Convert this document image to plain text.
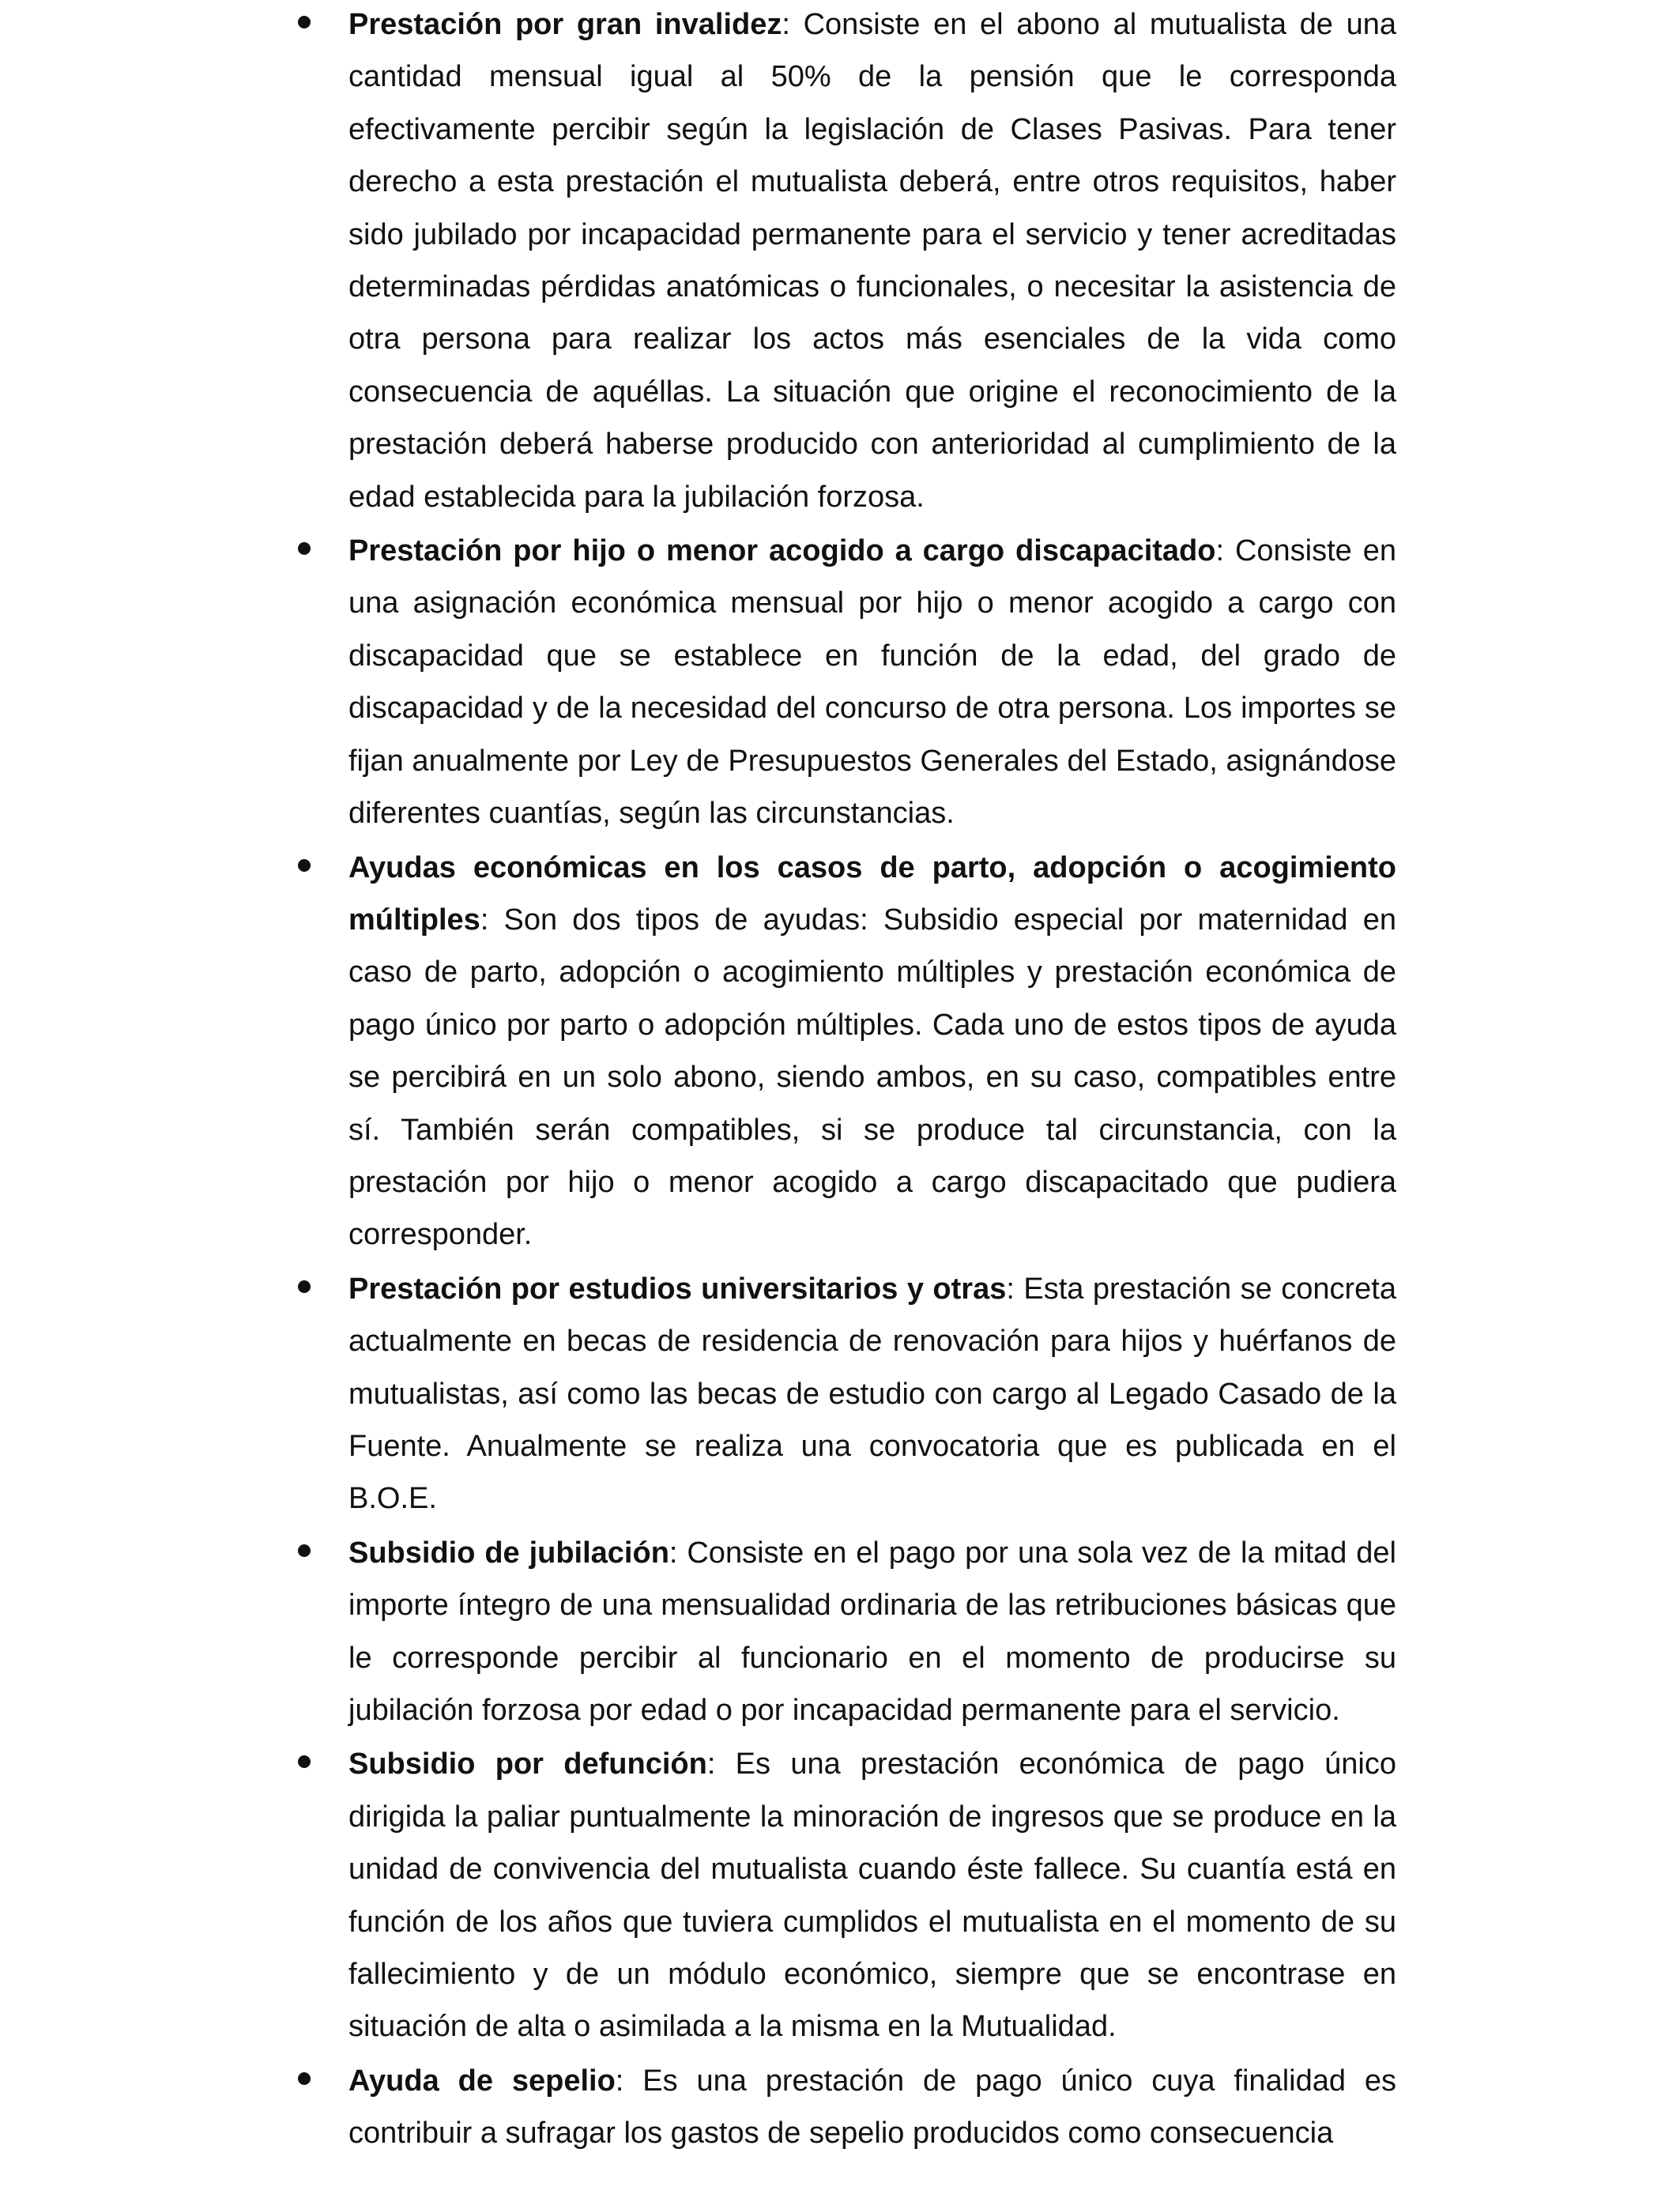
Prestación por gran invalidez: Consiste en el abono al mutualista de una cantidad mensual igual al 50% de la pensión que le corresponda efectivamente percibir según la legislación de Clases Pasivas. Para tener derecho a esta prestación el mutualista deberá, entre otros requisitos, haber sido jubilado por incapacidad permanente para el servicio y tener acreditadas determinadas pérdidas anatómicas o funcionales, o necesitar la asistencia de otra persona para realizar los actos más esenciales de la vida como consecuencia de aquéllas. La situación que origine el reconocimiento de la prestación deberá haberse producido con anterioridad al cumplimiento de la edad establecida para la jubilación forzosa.
Prestación por hijo o menor acogido a cargo discapacitado: Consiste en una asignación económica mensual por hijo o menor acogido a cargo con discapacidad que se establece en función de la edad, del grado de discapacidad y de la necesidad del concurso de otra persona. Los importes se fijan anualmente por Ley de Presupuestos Generales del Estado, asignándose diferentes cuantías, según las circunstancias.
Ayudas económicas en los casos de parto, adopción o acogimiento múltiples: Son dos tipos de ayudas: Subsidio especial por maternidad en caso de parto, adopción o acogimiento múltiples y prestación económica de pago único por parto o adopción múltiples. Cada uno de estos tipos de ayuda se percibirá en un solo abono, siendo ambos, en su caso, compatibles entre sí. También serán compatibles, si se produce tal circunstancia, con la prestación por hijo o menor acogido a cargo discapacitado que pudiera corresponder.
Prestación por estudios universitarios y otras: Esta prestación se concreta actualmente en becas de residencia de renovación para hijos y huérfanos de mutualistas, así como las becas de estudio con cargo al Legado Casado de la Fuente. Anualmente se realiza una convocatoria que es publicada en el B.O.E.
Subsidio de jubilación: Consiste en el pago por una sola vez de la mitad del importe íntegro de una mensualidad ordinaria de las retribuciones básicas que le corresponde percibir al funcionario en el momento de producirse su jubilación forzosa por edad o por incapacidad permanente para el servicio.
Subsidio por defunción: Es una prestación económica de pago único dirigida la paliar puntualmente la minoración de ingresos que se produce en la unidad de convivencia del mutualista cuando éste fallece. Su cuantía está en función de los años que tuviera cumplidos el mutualista en el momento de su fallecimiento y de un módulo económico, siempre que se encontrase en situación de alta o asimilada a la misma en la Mutualidad.
Ayuda de sepelio: Es una prestación de pago único cuya finalidad es contribuir a sufragar los gastos de sepelio producidos como consecuencia
